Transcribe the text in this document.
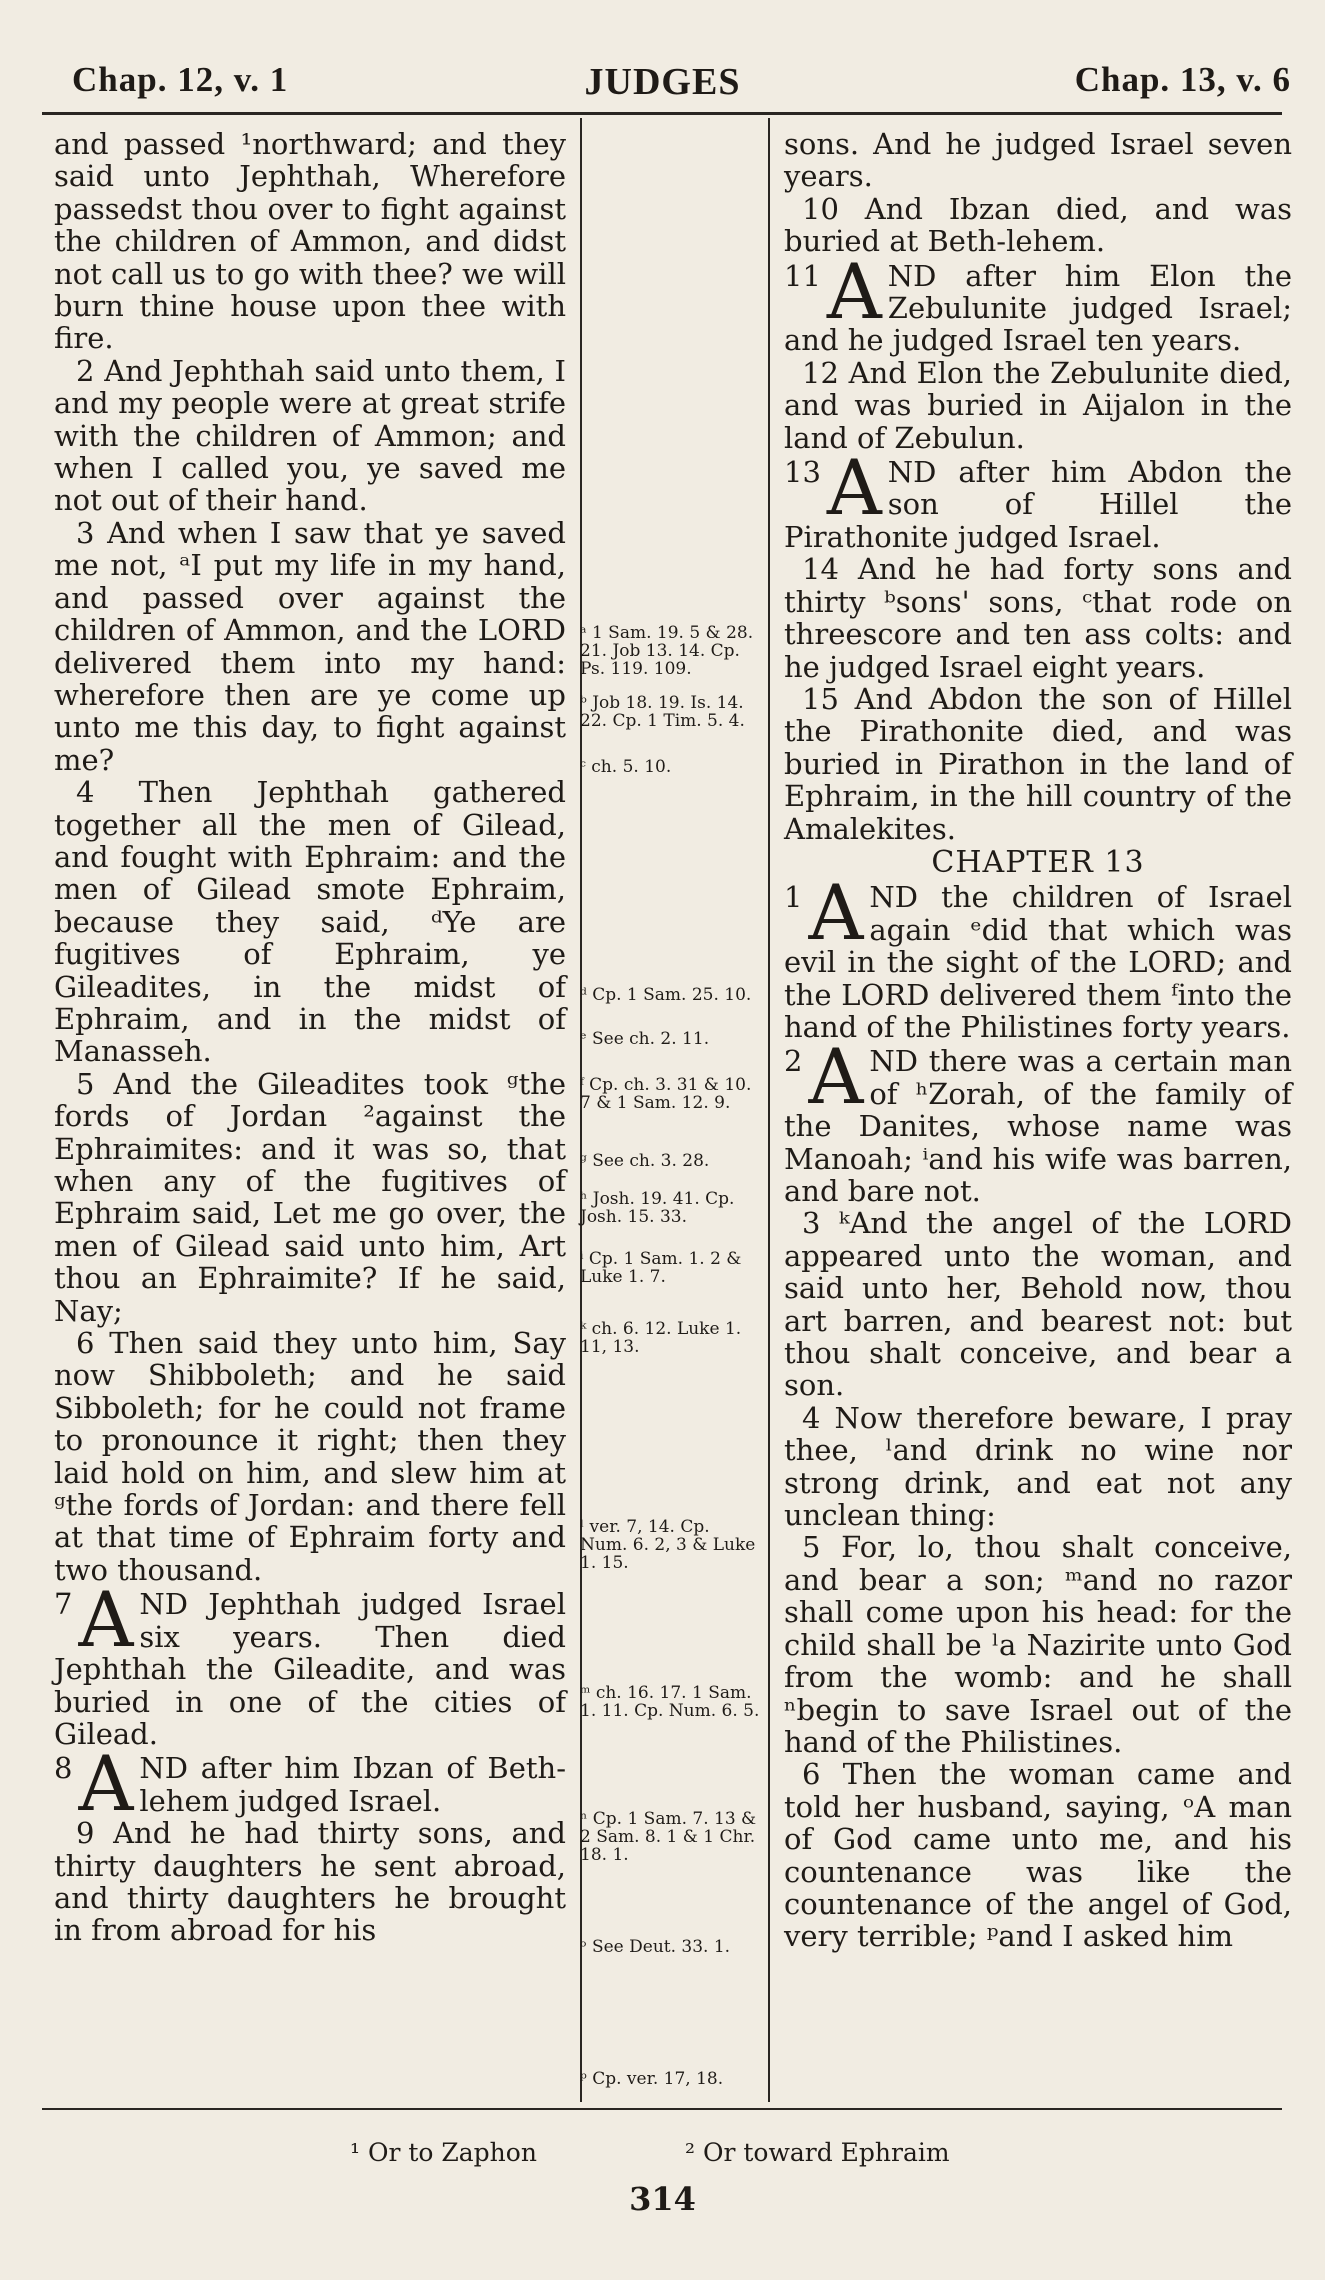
Chap. 12, v. 1	JUDGES	Chap. 13, v. 6

and passed ¹northward; and they said unto Jephthah, Wherefore passedst thou over to fight against the children of Ammon, and didst not call us to go with thee? we will burn thine house upon thee with fire.

2 And Jephthah said unto them, I and my people were at great strife with the children of Ammon; and when I called you, ye saved me not out of their hand.

3 And when I saw that ye saved me not, ᵃI put my life in my hand, and passed over against the children of Ammon, and the LORD delivered them into my hand: wherefore then are ye come up unto me this day, to fight against me?

4 Then Jephthah gathered together all the men of Gilead, and fought with Ephraim: and the men of Gilead smote Ephraim, because they said, ᵈYe are fugitives of Ephraim, ye Gileadites, in the midst of Ephraim, and in the midst of Manasseh.

5 And the Gileadites took ᵍthe fords of Jordan ²against the Ephraimites: and it was so, that when any of the fugitives of Ephraim said, Let me go over, the men of Gilead said unto him, Art thou an Ephraimite? If he said, Nay;

6 Then said they unto him, Say now Shibboleth; and he said Sibboleth; for he could not frame to pronounce it right; then they laid hold on him, and slew him at ᵍthe fords of Jordan: and there fell at that time of Ephraim forty and two thousand.

7 A ND Jephthah judged Israel six years. Then died Jephthah the Gileadite, and was buried in one of the cities of Gilead.

8 A ND after him Ibzan of Beth-lehem judged Israel.

9 And he had thirty sons, and thirty daughters he sent abroad, and thirty daughters he brought in from abroad for his

ᵃ 1 Sam. 19. 5 & 28. 21. Job 13. 14. Cp. Ps. 119. 109.
ᵇ Job 18. 19. Is. 14. 22. Cp. 1 Tim. 5. 4.
ᶜ ch. 5. 10.
ᵈ Cp. 1 Sam. 25. 10.
ᵉ See ch. 2. 11.
ᶠ Cp. ch. 3. 31 & 10. 7 & 1 Sam. 12. 9.
ᵍ See ch. 3. 28.
ʰ Josh. 19. 41. Cp. Josh. 15. 33.
ⁱ Cp. 1 Sam. 1. 2 & Luke 1. 7.
ᵏ ch. 6. 12. Luke 1. 11, 13.
ˡ ver. 7, 14. Cp. Num. 6. 2, 3 & Luke 1. 15.
ᵐ ch. 16. 17. 1 Sam. 1. 11. Cp. Num. 6. 5.
ⁿ Cp. 1 Sam. 7. 13 & 2 Sam. 8. 1 & 1 Chr. 18. 1.
ᵒ See Deut. 33. 1.
ᵖ Cp. ver. 17, 18.

sons. And he judged Israel seven years.

10 And Ibzan died, and was buried at Beth-lehem.

11 A ND after him Elon the Zebulunite judged Israel; and he judged Israel ten years.

12 And Elon the Zebulunite died, and was buried in Aijalon in the land of Zebulun.

13 A ND after him Abdon the son of Hillel the Pirathonite judged Israel.

14 And he had forty sons and thirty ᵇsons' sons, ᶜthat rode on threescore and ten ass colts: and he judged Israel eight years.

15 And Abdon the son of Hillel the Pirathonite died, and was buried in Pirathon in the land of Ephraim, in the hill country of the Amalekites.

CHAPTER 13

1 A ND the children of Israel again ᵉdid that which was evil in the sight of the LORD; and the LORD delivered them ᶠinto the hand of the Philistines forty years.

2 A ND there was a certain man of ʰZorah, of the family of the Danites, whose name was Manoah; ⁱand his wife was barren, and bare not.

3 ᵏAnd the angel of the LORD appeared unto the woman, and said unto her, Behold now, thou art barren, and bearest not: but thou shalt conceive, and bear a son.

4 Now therefore beware, I pray thee, ˡand drink no wine nor strong drink, and eat not any unclean thing:

5 For, lo, thou shalt conceive, and bear a son; ᵐand no razor shall come upon his head: for the child shall be ˡa Nazirite unto God from the womb: and he shall ⁿbegin to save Israel out of the hand of the Philistines.

6 Then the woman came and told her husband, saying, ᵒA man of God came unto me, and his countenance was like the countenance of the angel of God, very terrible; ᵖand I asked him

¹ Or to Zaphon	² Or toward Ephraim
314
